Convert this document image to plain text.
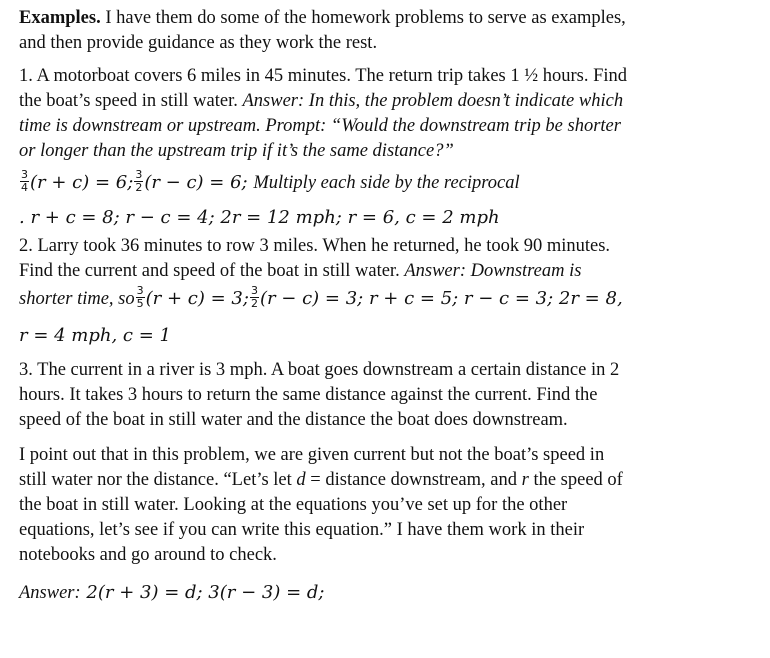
Examples. I have them do some of the homework problems to serve as examples,
and then provide guidance as they work the rest.

1. A motorboat covers 6 miles in 45 minutes. The return trip takes 1 ½ hours. Find
the boat’s speed in still water. Answer: In this, the problem doesn’t indicate which
time is downstream or upstream. Prompt: “Would the downstream trip be shorter
or longer than the upstream trip if it’s the same distance?”

$\frac{3}{4} (r + c) = 6$; $\frac{3}{2} (r - c) = 6$; Multiply each side by the reciprocal
. r + c = 8; r − c = 4; 2r = 12 mph; r = 6, c = 2 mph

2. Larry took 36 minutes to row 3 miles. When he returned, he took 90 minutes.
Find the current and speed of the boat in still water. Answer: Downstream is

shorter time, so $\frac{3}{5} (r + c) = 3$; $\frac{3}{2} (r - c) = 3$; r + c = 5; r − c = 3; 2r = 8,
r = 4 mph, c = 1

3. The current in a river is 3 mph. A boat goes downstream a certain distance in 2
hours. It takes 3 hours to return the same distance against the current. Find the
speed of the boat in still water and the distance the boat does downstream.

I point out that in this problem, we are given current but not the boat’s speed in
still water nor the distance. “Let’s let d = distance downstream, and r the speed of
the boat in still water. Looking at the equations you’ve set up for the other
equations, let’s see if you can write this equation.” I have them work in their
notebooks and go around to check.

Answer: 2(r + 3) = d; 3(r − 3) = d;
